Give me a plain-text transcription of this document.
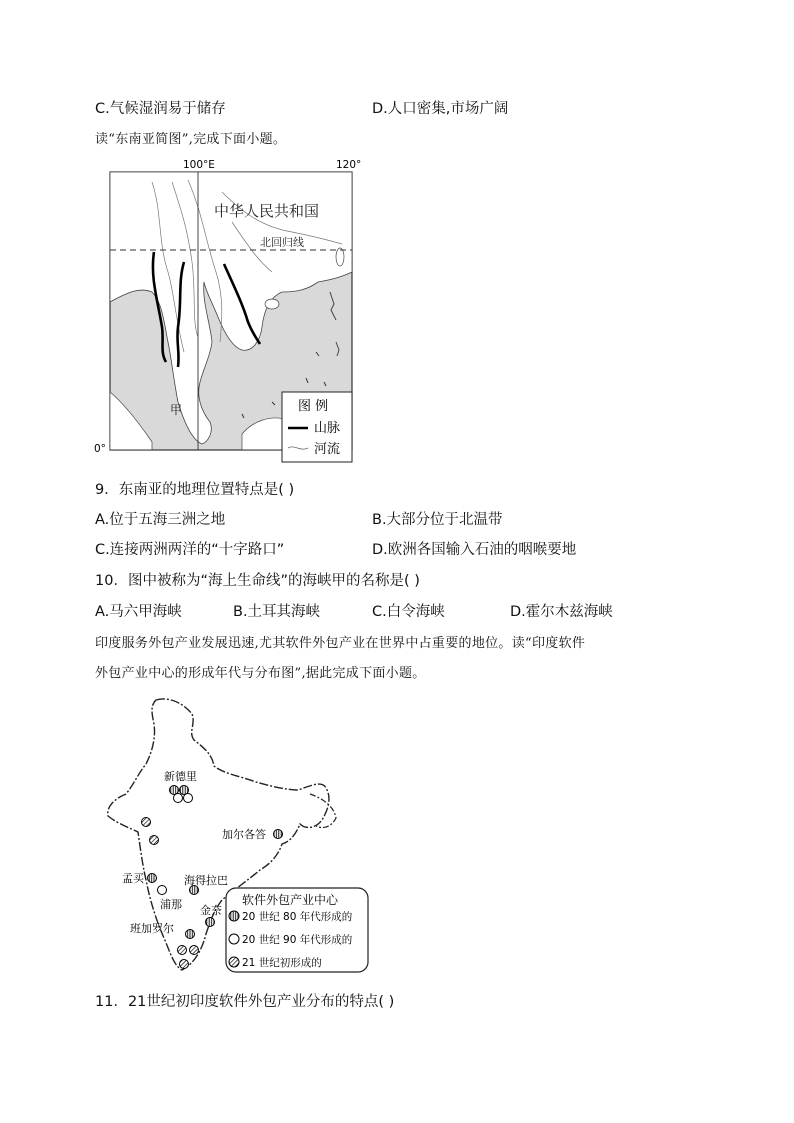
C.气候湿润易于储存	D.人口密集,市场广阔
读“东南亚简图”,完成下面小题。
100°E	120°
0°
中华人民共和国
北回归线
甲	图 例
山脉
河流
9．东南亚的地理位置特点是( )
A.位于五海三洲之地	B.大部分位于北温带
C.连接两洲两洋的“十字路口”	D.欧洲各国输入石油的咽喉要地
10．图中被称为“海上生命线”的海峡甲的名称是( )
A.马六甲海峡	B.土耳其海峡	C.白令海峡	D.霍尔木兹海峡
印度服务外包产业发展迅速,尤其软件外包产业在世界中占重要的地位。读“印度软件
外包产业中心的形成年代与分布图”,据此完成下面小题。
软件外包产业中心
20 世纪 80 年代形成的
20 世纪 90 年代形成的
21 世纪初形成的
新德里
加尔各答
孟买	海得拉巴
浦那 金奈
班加罗尔
11．21世纪初印度软件外包产业分布的特点( )
